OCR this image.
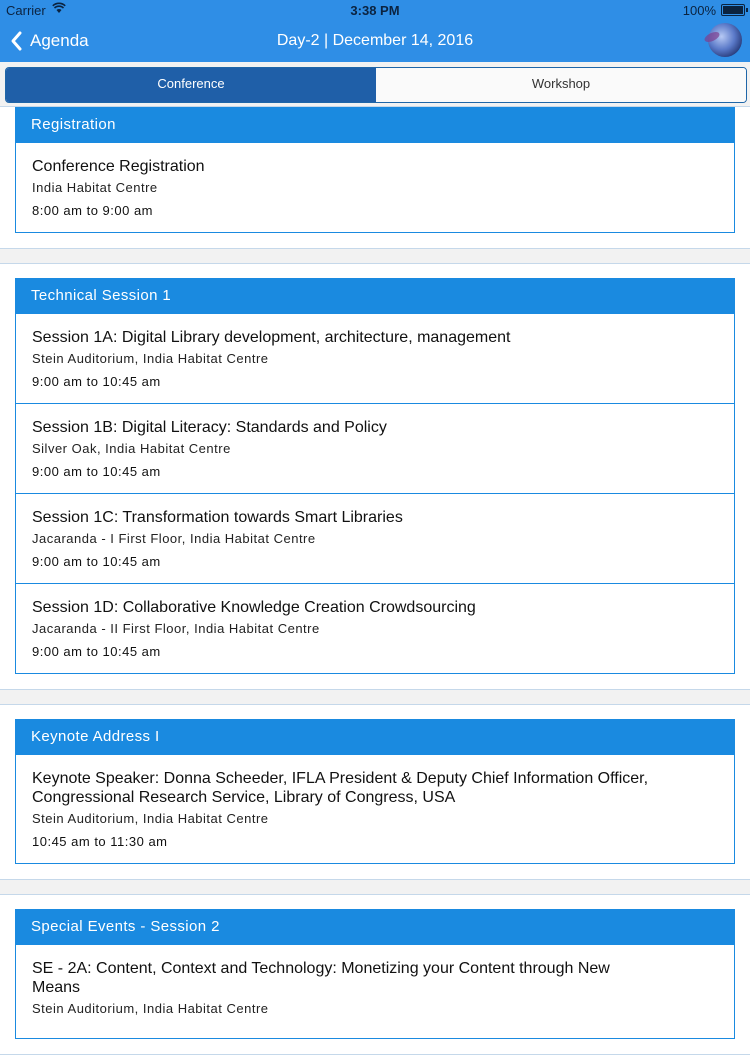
Carrier	3:38 PM	100%
Agenda	Day-2 | December 14, 2016
Conference	Workshop
Registration
Conference Registration
India Habitat Centre
8:00 am to 9:00 am
Technical Session 1
Session 1A: Digital Library development, architecture, management
Stein Auditorium, India Habitat Centre
9:00 am to 10:45 am
Session 1B: Digital Literacy: Standards and Policy
Silver Oak, India Habitat Centre
9:00 am to 10:45 am
Session 1C: Transformation towards Smart Libraries
Jacaranda - I First Floor, India Habitat Centre
9:00 am to 10:45 am
Session 1D: Collaborative Knowledge Creation Crowdsourcing
Jacaranda - II First Floor, India Habitat Centre
9:00 am to 10:45 am
Keynote Address I
Keynote Speaker: Donna Scheeder, IFLA President & Deputy Chief Information Officer, Congressional Research Service, Library of Congress, USA
Stein Auditorium, India Habitat Centre
10:45 am to 11:30 am
Special Events - Session 2
SE - 2A: Content, Context and Technology: Monetizing your Content through New Means
Stein Auditorium, India Habitat Centre
